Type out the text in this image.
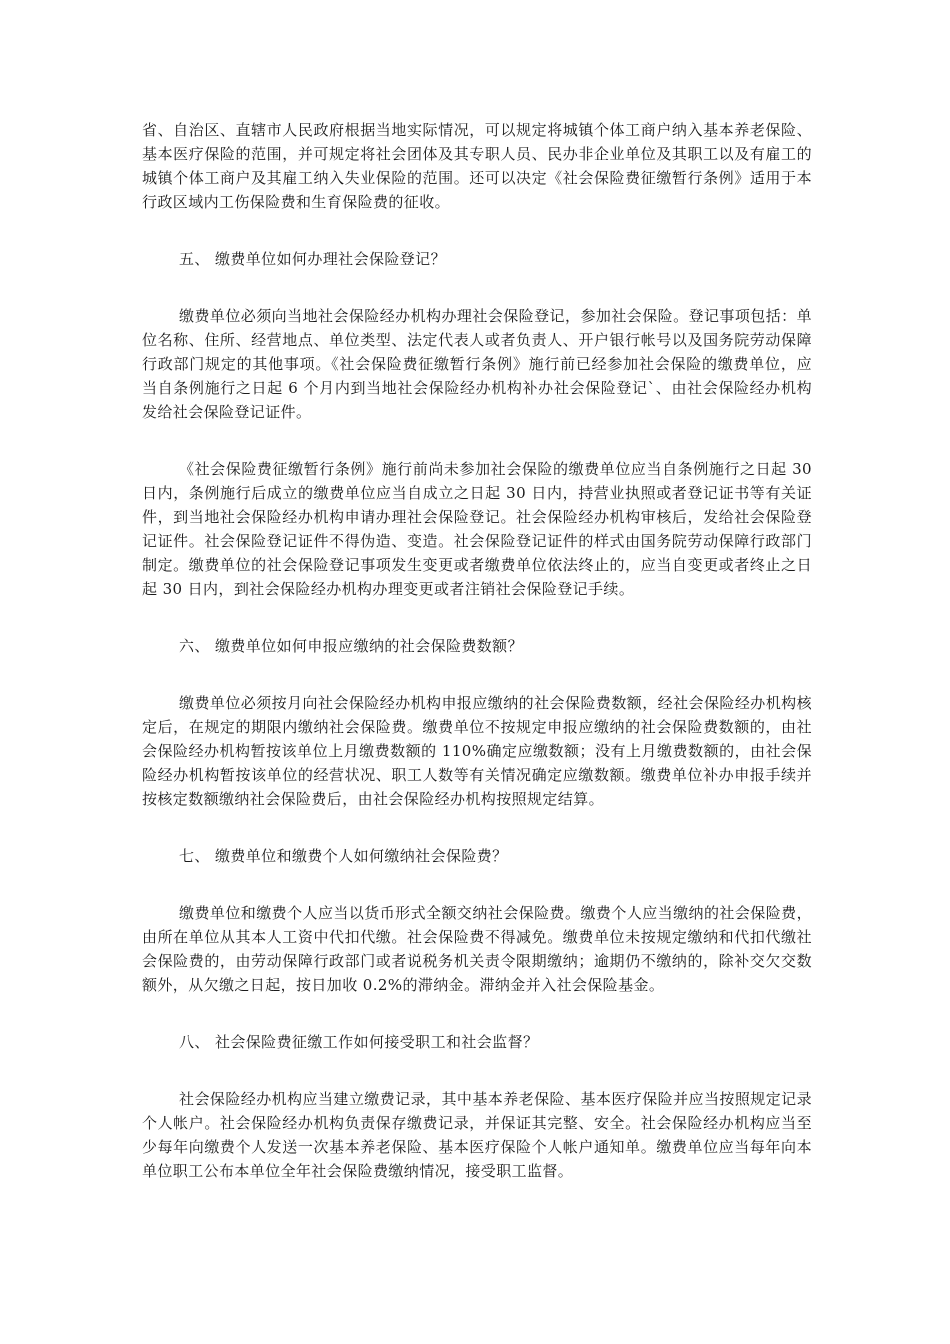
省、自治区、直辖市人民政府根据当地实际情况，可以规定将城镇个体工商户纳入基本养老保险、基本医疗保险的范围，并可规定将社会团体及其专职人员、民办非企业单位及其职工以及有雇工的城镇个体工商户及其雇工纳入失业保险的范围。还可以决定《社会保险费征缴暂行条例》适用于本行政区域内工伤保险费和生育保险费的征收。

五、 缴费单位如何办理社会保险登记？

缴费单位必须向当地社会保险经办机构办理社会保险登记，参加社会保险。登记事项包括：单位名称、住所、经营地点、单位类型、法定代表人或者负责人、开户银行帐号以及国务院劳动保障行政部门规定的其他事项。《社会保险费征缴暂行条例》施行前已经参加社会保险的缴费单位，应当自条例施行之日起 6 个月内到当地社会保险经办机构补办社会保险登记`、由社会保险经办机构发给社会保险登记证件。

《社会保险费征缴暂行条例》施行前尚未参加社会保险的缴费单位应当自条例施行之日起 30 日内，条例施行后成立的缴费单位应当自成立之日起 30 日内，持营业执照或者登记证书等有关证件，到当地社会保险经办机构申请办理社会保险登记。社会保险经办机构审核后，发给社会保险登记证件。社会保险登记证件不得伪造、变造。社会保险登记证件的样式由国务院劳动保障行政部门制定。缴费单位的社会保险登记事项发生变更或者缴费单位依法终止的，应当自变更或者终止之日起 30 日内，到社会保险经办机构办理变更或者注销社会保险登记手续。

六、 缴费单位如何申报应缴纳的社会保险费数额？

缴费单位必须按月向社会保险经办机构申报应缴纳的社会保险费数额，经社会保险经办机构核定后，在规定的期限内缴纳社会保险费。缴费单位不按规定申报应缴纳的社会保险费数额的，由社会保险经办机构暂按该单位上月缴费数额的 110%确定应缴数额；没有上月缴费数额的，由社会保险经办机构暂按该单位的经营状况、职工人数等有关情况确定应缴数额。缴费单位补办申报手续并按核定数额缴纳社会保险费后，由社会保险经办机构按照规定结算。

七、 缴费单位和缴费个人如何缴纳社会保险费？

缴费单位和缴费个人应当以货币形式全额交纳社会保险费。缴费个人应当缴纳的社会保险费，由所在单位从其本人工资中代扣代缴。社会保险费不得减免。缴费单位未按规定缴纳和代扣代缴社会保险费的，由劳动保障行政部门或者说税务机关责令限期缴纳；逾期仍不缴纳的，除补交欠交数额外，从欠缴之日起，按日加收 0.2%的滞纳金。滞纳金并入社会保险基金。

八、 社会保险费征缴工作如何接受职工和社会监督？

社会保险经办机构应当建立缴费记录，其中基本养老保险、基本医疗保险并应当按照规定记录个人帐户。社会保险经办机构负责保存缴费记录，并保证其完整、安全。社会保险经办机构应当至少每年向缴费个人发送一次基本养老保险、基本医疗保险个人帐户通知单。缴费单位应当每年向本单位职工公布本单位全年社会保险费缴纳情况，接受职工监督。
